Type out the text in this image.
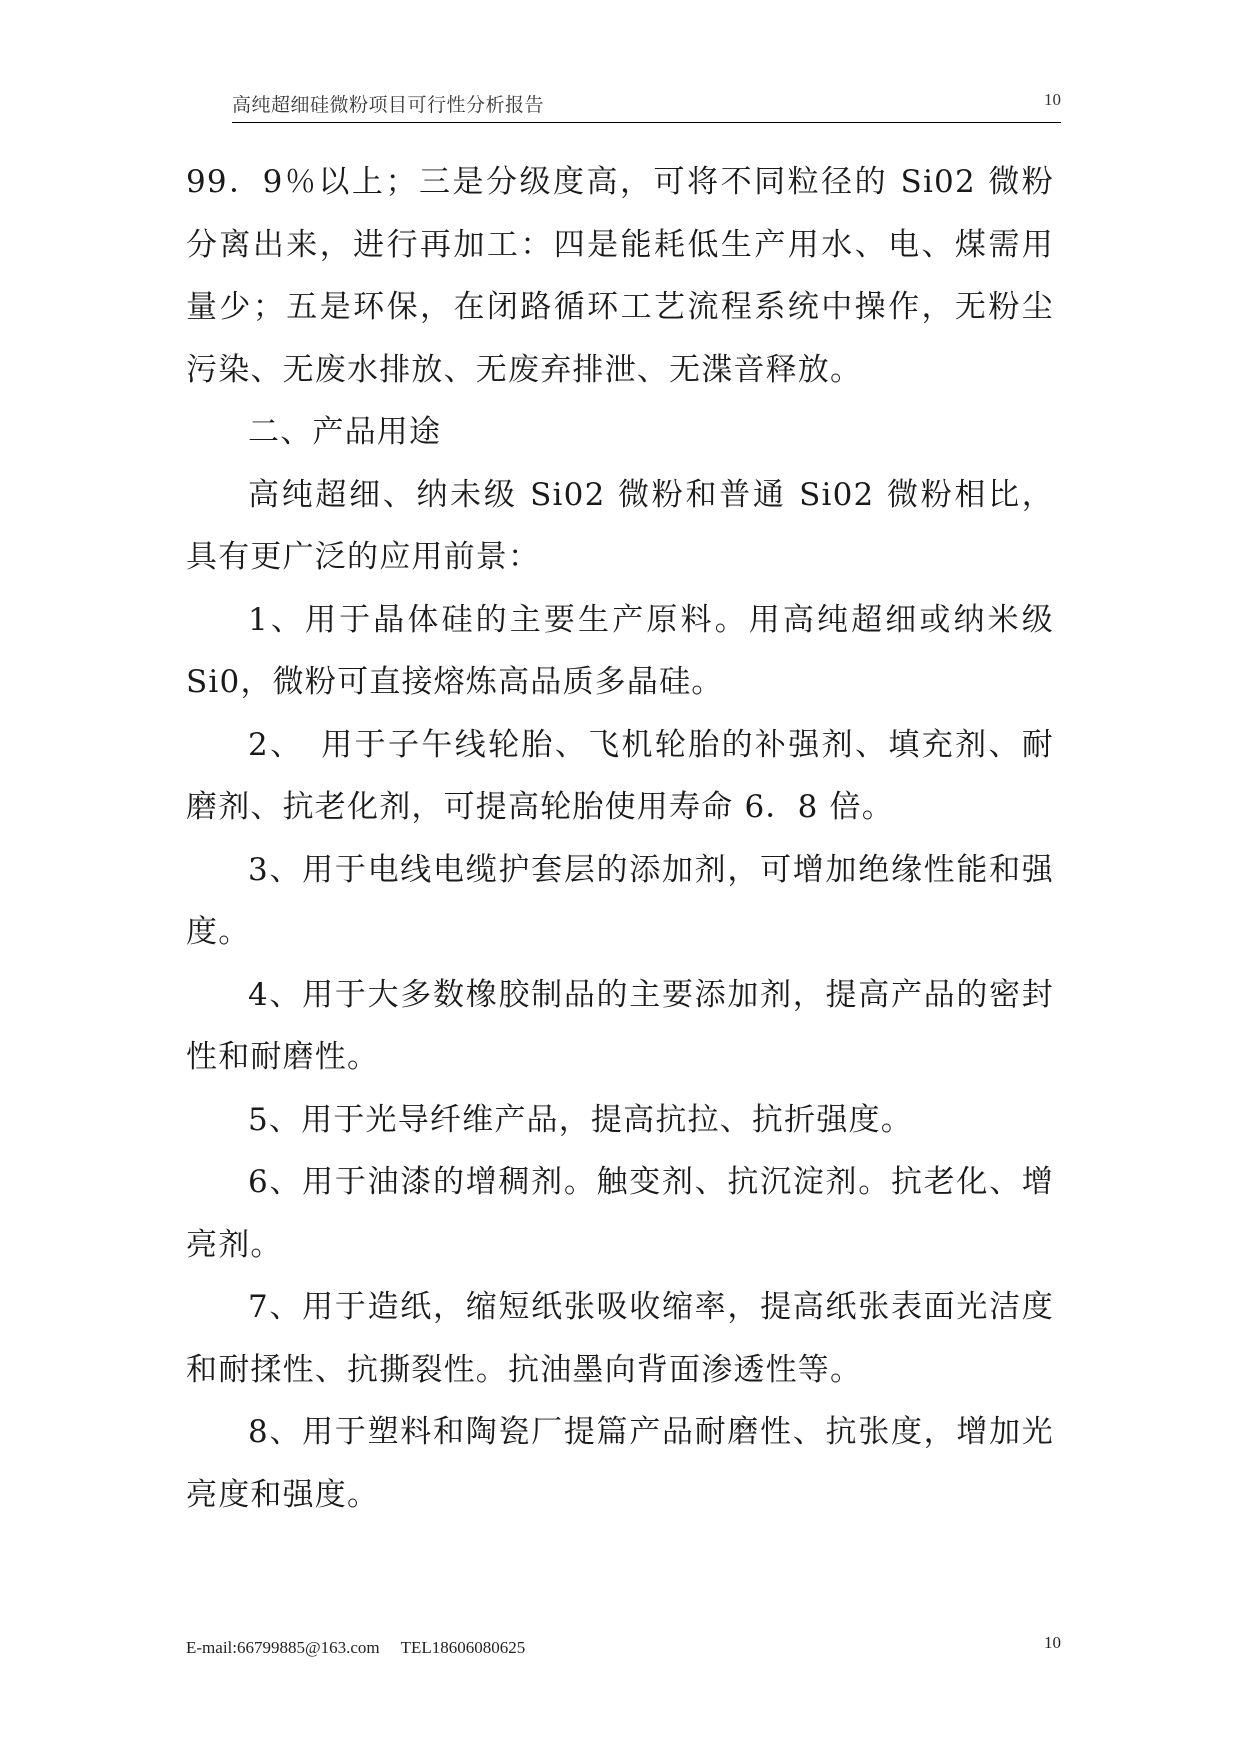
高纯超细硅微粉项目可行性分析报告	10

99．9％以上；三是分级度高，可将不同粒径的 Si02 微粉分离出来，进行再加工：四是能耗低生产用水、电、煤需用量少；五是环保，在闭路循环工艺流程系统中操作，无粉尘污染、无废水排放、无废弃排泄、无渫音释放。

二、产品用途

高纯超细、纳未级 Si02 微粉和普通 Si02 微粉相比，具有更广泛的应用前景：

1、用于晶体硅的主要生产原料。用高纯超细或纳米级 Si0，微粉可直接熔炼高品质多晶硅。

2、　用于子午线轮胎、飞机轮胎的补强剂、填充剂、耐磨剂、抗老化剂，可提高轮胎使用寿命 6．8 倍。

3、用于电线电缆护套层的添加剂，可增加绝缘性能和强度。

4、用于大多数橡胶制品的主要添加剂，提高产品的密封性和耐磨性。

5、用于光导纤维产品，提高抗拉、抗折强度。

6、用于油漆的增稠剂。触变剂、抗沉淀剂。抗老化、增亮剂。

7、用于造纸，缩短纸张吸收缩率，提高纸张表面光洁度和耐揉性、抗撕裂性。抗油墨向背面渗透性等。

8、用于塑料和陶瓷厂提篇产品耐磨性、抗张度，增加光亮度和强度。

E-mail:66799885@163.com　 TEL18606080625	10
